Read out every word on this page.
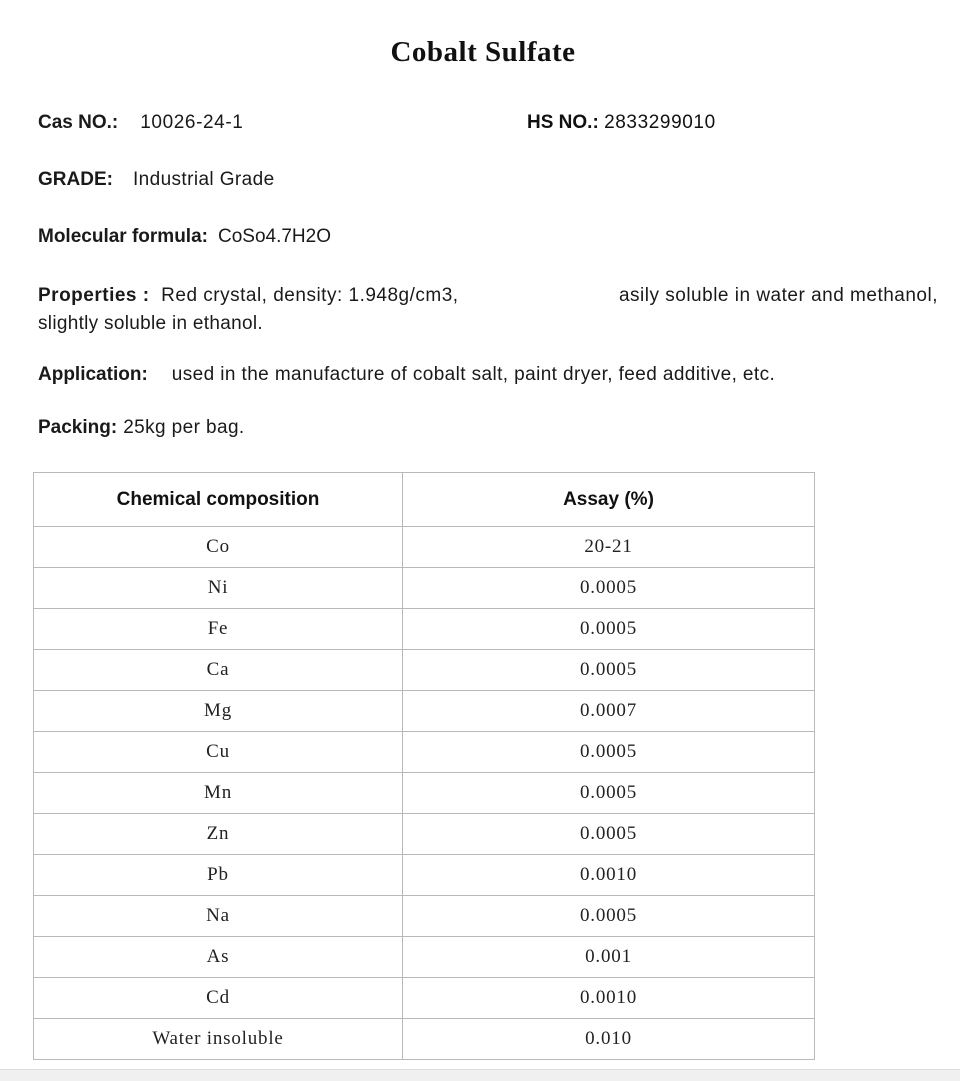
Cobalt Sulfate
Cas NO.: 10026-24-1	HS NO.: 2833299010
GRADE: Industrial Grade
Molecular formula: CoSo4.7H2O
Properties : Red crystal, density: 1.948g/cm3,	asily soluble in water and methanol,
slightly soluble in ethanol.
Application: used in the manufacture of cobalt salt, paint dryer, feed additive, etc.
Packing: 25kg per bag.
Chemical composition	Assay (%)
Co	20-21
Ni	0.0005
Fe	0.0005
Ca	0.0005
Mg	0.0007
Cu	0.0005
Mn	0.0005
Zn	0.0005
Pb	0.0010
Na	0.0005
As	0.001
Cd	0.0010
Water insoluble	0.010
